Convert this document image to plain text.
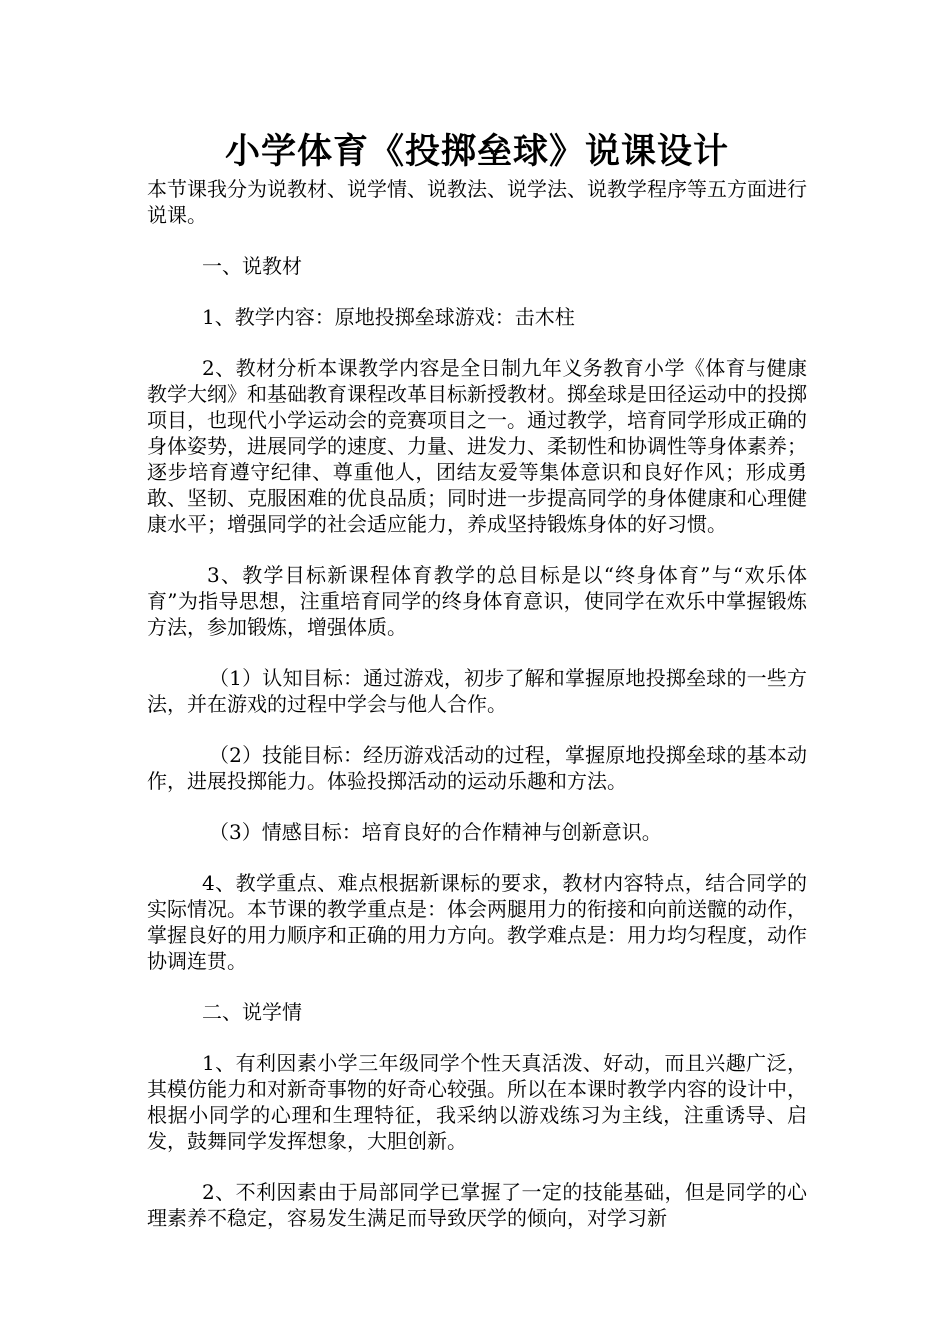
小学体育《投掷垒球》说课设计

本节课我分为说教材、说学情、说教法、说学法、说教学程序等五方面进行说课。

一、说教材

1、教学内容：原地投掷垒球游戏：击木柱

2、教材分析本课教学内容是全日制九年义务教育小学《体育与健康教学大纲》和基础教育课程改革目标新授教材。掷垒球是田径运动中的投掷项目，也现代小学运动会的竞赛项目之一。通过教学，培育同学形成正确的身体姿势，进展同学的速度、力量、进发力、柔韧性和协调性等身体素养；逐步培育遵守纪律、尊重他人，团结友爱等集体意识和良好作风；形成勇敢、坚韧、克服困难的优良品质；同时进一步提高同学的身体健康和心理健康水平；增强同学的社会适应能力，养成坚持锻炼身体的好习惯。

3、教学目标新课程体育教学的总目标是以“终身体育”与“欢乐体育”为指导思想，注重培育同学的终身体育意识，使同学在欢乐中掌握锻炼方法，参加锻炼，增强体质。

（1）认知目标：通过游戏，初步了解和掌握原地投掷垒球的一些方法，并在游戏的过程中学会与他人合作。

（2）技能目标：经历游戏活动的过程，掌握原地投掷垒球的基本动作，进展投掷能力。体验投掷活动的运动乐趣和方法。

（3）情感目标：培育良好的合作精神与创新意识。

4、教学重点、难点根据新课标的要求，教材内容特点，结合同学的实际情况。本节课的教学重点是：体会两腿用力的衔接和向前送髋的动作，掌握良好的用力顺序和正确的用力方向。教学难点是：用力均匀程度，动作协调连贯。

二、说学情

1、有利因素小学三年级同学个性天真活泼、好动，而且兴趣广泛，其模仿能力和对新奇事物的好奇心较强。所以在本课时教学内容的设计中，根据小同学的心理和生理特征，我采纳以游戏练习为主线，注重诱导、启发，鼓舞同学发挥想象，大胆创新。

2、不利因素由于局部同学已掌握了一定的技能基础，但是同学的心理素养不稳定，容易发生满足而导致厌学的倾向，对学习新
